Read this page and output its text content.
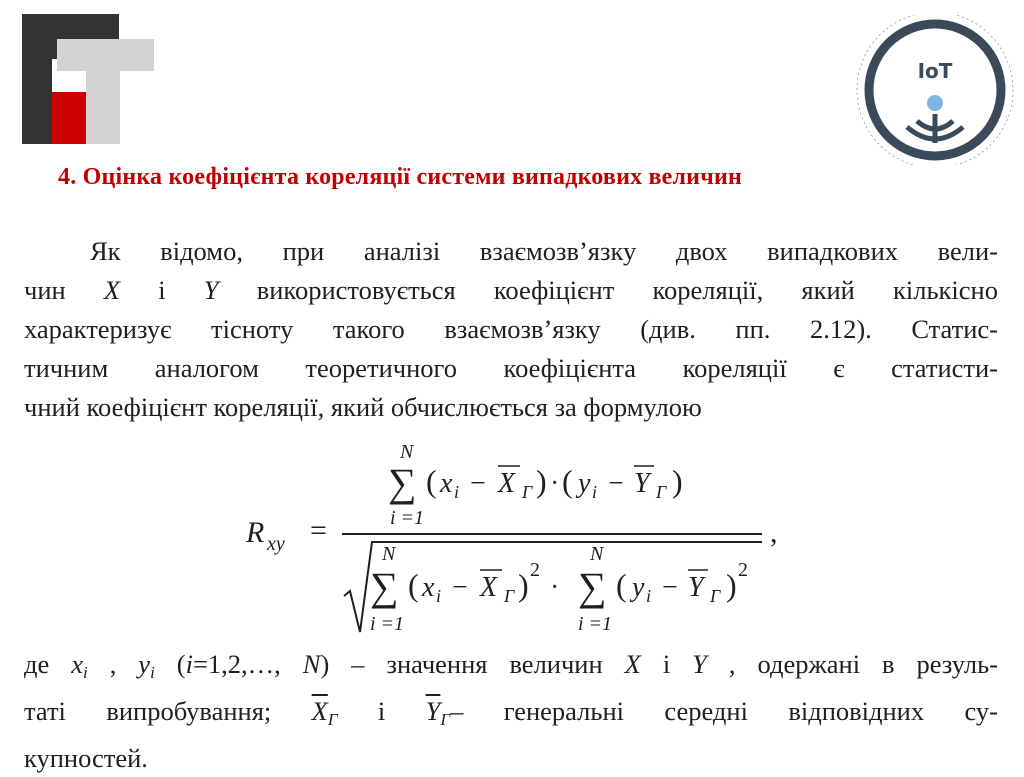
IoT
4. Оцінка коефіцієнта кореляції системи випадкових величин
Як відомо, при аналізі взаємозв’язку двох випадкових вели-
чин X і Y використовується коефіцієнт кореляції, який кількісно
характеризує тісноту такого взаємозв’язку (див. пп. 2.12). Статис-
тичним аналогом теоретичного коефіцієнта кореляції є статисти-
чний коефіцієнт кореляції, який обчислюється за формулою
R xy =
N
∑
i =1
( x i − X Г ) · ( y i − Y Г )
,
N
∑
i =1
( x i − X Г ) 2
·
N
∑
i =1
( y i − Y Г ) 2
де $x_i$ , $y_i$ (i=1,2,…, N) – значення величин X і Y , одержані в резуль-
таті випробування; $\overline{X}_Г$ і $\overline{Y}_Г-$ генеральні середні відповідних су-
купностей.
